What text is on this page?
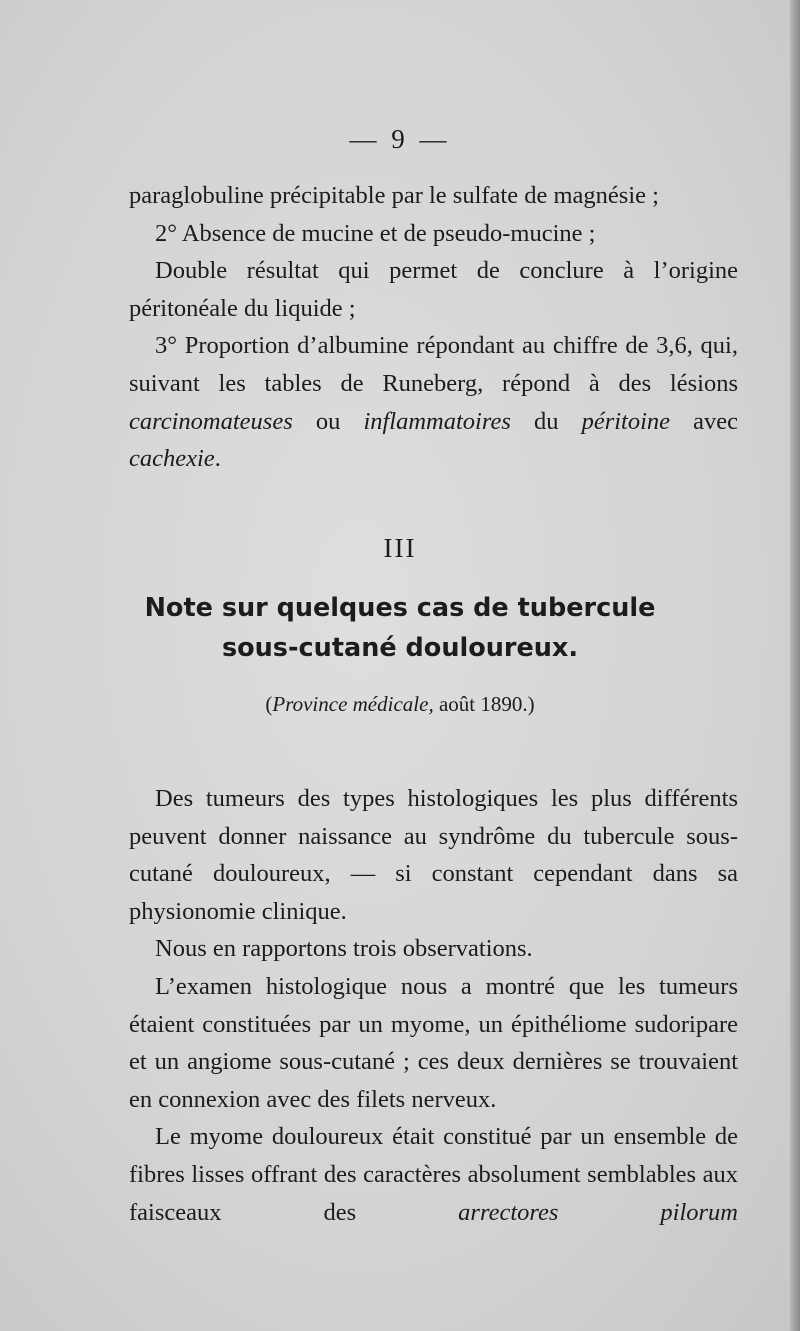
— 9 —

paraglobuline précipitable par le sulfate de magnésie ;

2° Absence de mucine et de pseudo-mucine ;

Double résultat qui permet de conclure à l’origine péritonéale du liquide ;

3° Proportion d’albumine répondant au chiffre de 3,6, qui, suivant les tables de Runeberg, répond à des lésions carcinomateuses ou inflammatoires du péritoine avec cachexie.

III
Note sur quelques cas de tubercule
sous-cutané douloureux.
(Province médicale, août 1890.)

Des tumeurs des types histologiques les plus différents peuvent donner naissance au syndrôme du tubercule sous-cutané douloureux, — si constant cependant dans sa physionomie clinique.

Nous en rapportons trois observations.

L’examen histologique nous a montré que les tumeurs étaient constituées par un myome, un épithéliome sudoripare et un angiome sous-cutané ; ces deux dernières se trouvaient en connexion avec des filets nerveux.

Le myome douloureux était constitué par un ensemble de fibres lisses offrant des caractères absolument semblables aux faisceaux des arrectores pilorum
